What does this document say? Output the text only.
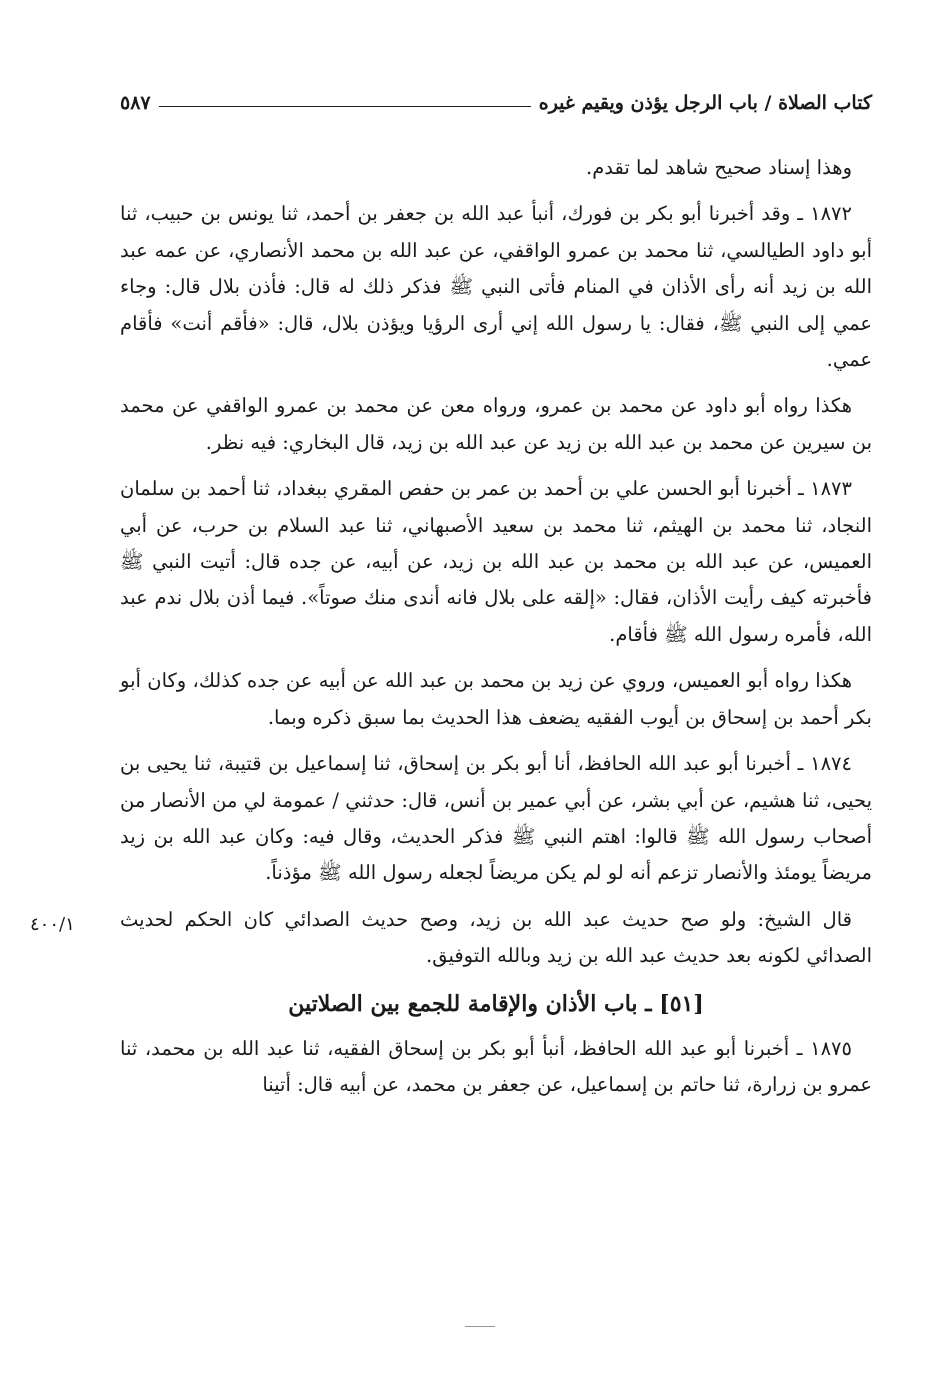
كتاب الصلاة / باب الرجل يؤذن ويقيم غيره
٥٨٧
٤٠٠/١

وهذا إسناد صحيح شاهد لما تقدم.

١٨٧٢ ـ وقد أخبرنا أبو بكر بن فورك، أنبأ عبد الله بن جعفر بن أحمد، ثنا يونس بن حبيب، ثنا أبو داود الطيالسي، ثنا محمد بن عمرو الواقفي، عن عبد الله بن محمد الأنصاري، عن عمه عبد الله بن زيد أنه رأى الأذان في المنام فأتى النبي ﷺ فذكر ذلك له قال: فأذن بلال قال: وجاء عمي إلى النبي ﷺ، فقال: يا رسول الله إني أرى الرؤيا ويؤذن بلال، قال: «فأقم أنت» فأقام عمي.

هكذا رواه أبو داود عن محمد بن عمرو، ورواه معن عن محمد بن عمرو الواقفي عن محمد بن سيرين عن محمد بن عبد الله بن زيد عن عبد الله بن زيد، قال البخاري: فيه نظر.

١٨٧٣ ـ أخبرنا أبو الحسن علي بن أحمد بن عمر بن حفص المقري ببغداد، ثنا أحمد بن سلمان النجاد، ثنا محمد بن الهيثم، ثنا محمد بن سعيد الأصبهاني، ثنا عبد السلام بن حرب، عن أبي العميس، عن عبد الله بن محمد بن عبد الله بن زيد، عن أبيه، عن جده قال: أتيت النبي ﷺ فأخبرته كيف رأيت الأذان، فقال: «إلقه على بلال فانه أندى منك صوتاً». فيما أذن بلال ندم عبد الله، فأمره رسول الله ﷺ فأقام.

هكذا رواه أبو العميس، وروي عن زيد بن محمد بن عبد الله عن أبيه عن جده كذلك، وكان أبو بكر أحمد بن إسحاق بن أيوب الفقيه يضعف هذا الحديث بما سبق ذكره وبما.

١٨٧٤ ـ أخبرنا أبو عبد الله الحافظ، أنا أبو بكر بن إسحاق، ثنا إسماعيل بن قتيبة، ثنا يحيى بن يحيى، ثنا هشيم، عن أبي بشر، عن أبي عمير بن أنس، قال: حدثني / عمومة لي من الأنصار من أصحاب رسول الله ﷺ قالوا: اهتم النبي ﷺ فذكر الحديث، وقال فيه: وكان عبد الله بن زيد مريضاً يومئذ والأنصار تزعم أنه لو لم يكن مريضاً لجعله رسول الله ﷺ مؤذناً.

قال الشيخ: ولو صح حديث عبد الله بن زيد، وصح حديث الصدائي كان الحكم لحديث الصدائي لكونه بعد حديث عبد الله بن زيد وبالله التوفيق.

[٥١] ـ باب الأذان والإقامة للجمع بين الصلاتين

١٨٧٥ ـ أخبرنا أبو عبد الله الحافظ، أنبأ أبو بكر بن إسحاق الفقيه، ثنا عبد الله بن محمد، ثنا عمرو بن زرارة، ثنا حاتم بن إسماعيل، عن جعفر بن محمد، عن أبيه قال: أتينا
